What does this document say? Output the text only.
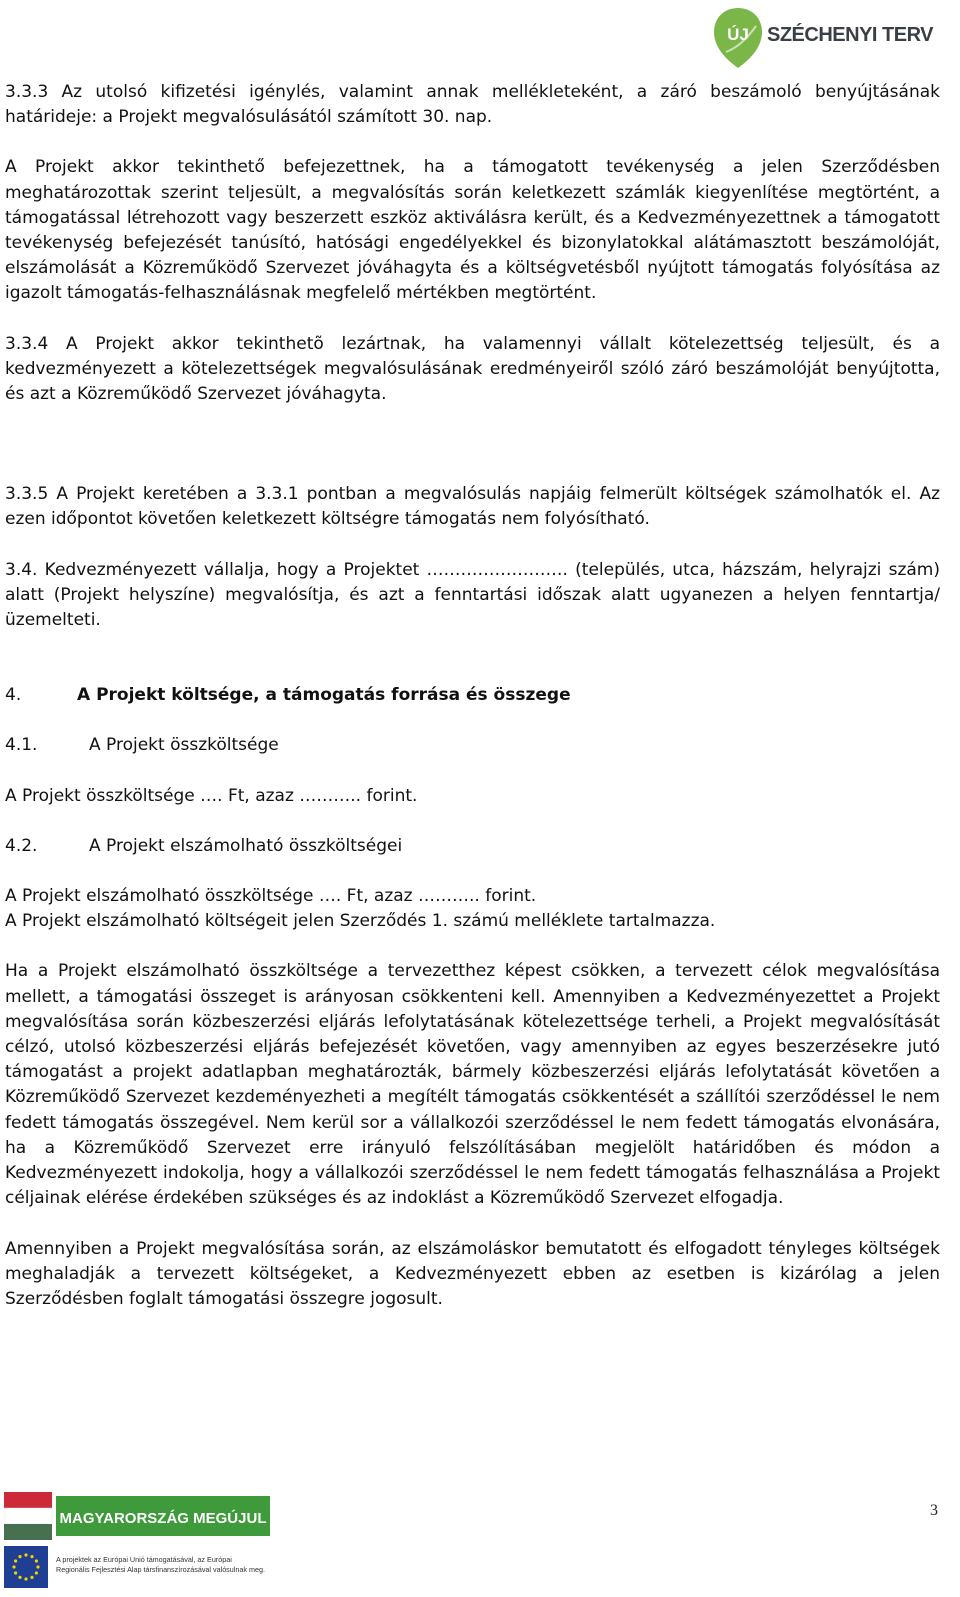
ÚJ SZÉCHENYI TERV

3.3.3 Az utolsó kifizetési igénylés, valamint annak mellékleteként, a záró beszámoló benyújtásának határideje: a Projekt megvalósulásától számított 30. nap.

A Projekt akkor tekinthető befejezettnek, ha a támogatott tevékenység a jelen Szerződésben meghatározottak szerint teljesült, a megvalósítás során keletkezett számlák kiegyenlítése megtörtént, a támogatással létrehozott vagy beszerzett eszköz aktiválásra került, és a Kedvezményezettnek a támogatott tevékenység befejezését tanúsító, hatósági engedélyekkel és bizonylatokkal alátámasztott beszámolóját, elszámolását a Közreműködő Szervezet jóváhagyta és a költségvetésből nyújtott támogatás folyósítása az igazolt támogatás-felhasználásnak megfelelő mértékben megtörtént.

3.3.4 A Projekt akkor tekinthetõ lezártnak, ha valamennyi vállalt kötelezettség teljesült, és a kedvezményezett a kötelezettségek megvalósulásának eredményeiről szóló záró beszámolóját benyújtotta, és azt a Közreműködő Szervezet jóváhagyta.

3.3.5 A Projekt keretében a 3.3.1 pontban a megvalósulás napjáig felmerült költségek számolhatók el. Az ezen időpontot követően keletkezett költségre támogatás nem folyósítható.

3.4. Kedvezményezett vállalja, hogy a Projektet ……………………. (település, utca, házszám, helyrajzi szám) alatt (Projekt helyszíne) megvalósítja, és azt a fenntartási időszak alatt ugyanezen a helyen fenntartja/üzemelteti.

4.	A Projekt költsége, a támogatás forrása és összege
4.1.	A Projekt összköltsége

A Projekt összköltsége …. Ft, azaz ……….. forint.

4.2.	A Projekt elszámolható összköltségei

A Projekt elszámolható összköltsége …. Ft, azaz ……….. forint.

A Projekt elszámolható költségeit jelen Szerződés 1. számú melléklete tartalmazza.

Ha a Projekt elszámolható összköltsége a tervezetthez képest csökken, a tervezett célok megvalósítása mellett, a támogatási összeget is arányosan csökkenteni kell. Amennyiben a Kedvezményezettet a Projekt megvalósítása során közbeszerzési eljárás lefolytatásának kötelezettsége terheli, a Projekt megvalósítását célzó, utolsó közbeszerzési eljárás befejezését követően, vagy amennyiben az egyes beszerzésekre jutó támogatást a projekt adatlapban meghatározták, bármely közbeszerzési eljárás lefolytatását követően a Közreműködő Szervezet kezdeményezheti a megítélt támogatás csökkentését a szállítói szerződéssel le nem fedett támogatás összegével. Nem kerül sor a vállalkozói szerződéssel le nem fedett támogatás elvonására, ha a Közreműködő Szervezet erre irányuló felszólításában megjelölt határidőben és módon a Kedvezményezett indokolja, hogy a vállalkozói szerződéssel le nem fedett támogatás felhasználása a Projekt céljainak elérése érdekében szükséges és az indoklást a Közreműködő Szervezet elfogadja.

Amennyiben a Projekt megvalósítása során, az elszámoláskor bemutatott és elfogadott tényleges költségek meghaladják a tervezett költségeket, a Kedvezményezett ebben az esetben is kizárólag a jelen Szerződésben foglalt támogatási összegre jogosult.

MAGYARORSZÁG MEGÚJUL
A projektek az Európai Unió támogatásával, az Európai
Regionális Fejlesztési Alap társfinanszírozásával valósulnak meg.
3
